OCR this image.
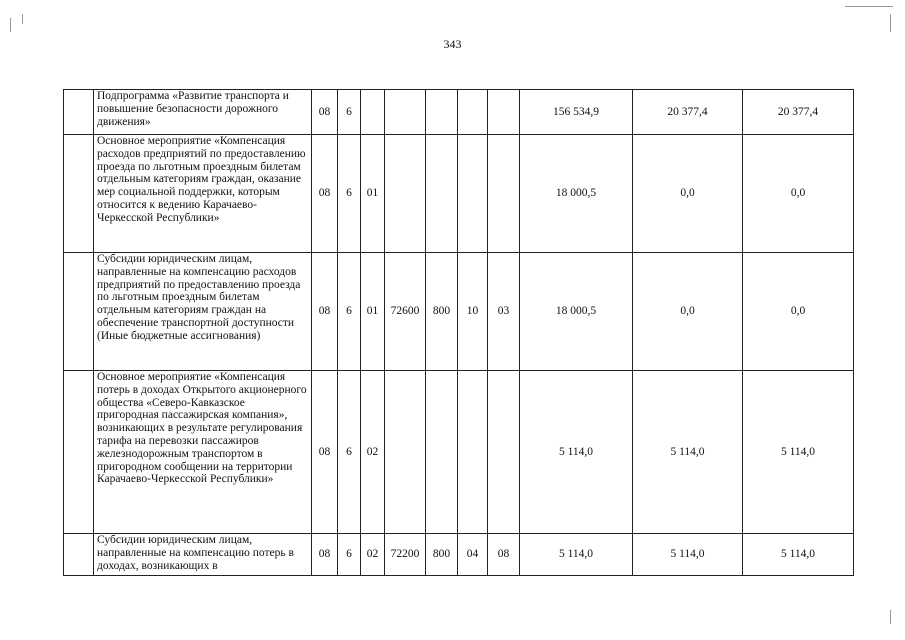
343
	Подпрограмма «Развитие транспорта и повышение безопасности дорожного движения»	08	6						156 534,9	20 377,4	20 377,4
	Основное мероприятие «Компенсация расходов предприятий по предоставлению проезда по льготным проездным билетам отдельным категориям граждан, оказание мер социальной поддержки, которым относится к ведению Карачаево-Черкесской Республики»	08	6	01					18 000,5	0,0	0,0
	Субсидии юридическим лицам, направленные на компенсацию расходов предприятий по предоставлению проезда по льготным проездным билетам отдельным категориям граждан на обеспечение транспортной доступности (Иные бюджетные ассигнования)	08	6	01	72600	800	10	03	18 000,5	0,0	0,0
	Основное мероприятие «Компенсация потерь в доходах Открытого акционерного общества «Северо-Кавказское пригородная пассажирская компания», возникающих в результате регулирования тарифа на перевозки пассажиров железнодорожным транспортом в пригородном сообщении на территории Карачаево-Черкесской Республики»	08	6	02					5 114,0	5 114,0	5 114,0
	Субсидии юридическим лицам, направленные на компенсацию потерь в доходах, возникающих в	08	6	02	72200	800	04	08	5 114,0	5 114,0	5 114,0
